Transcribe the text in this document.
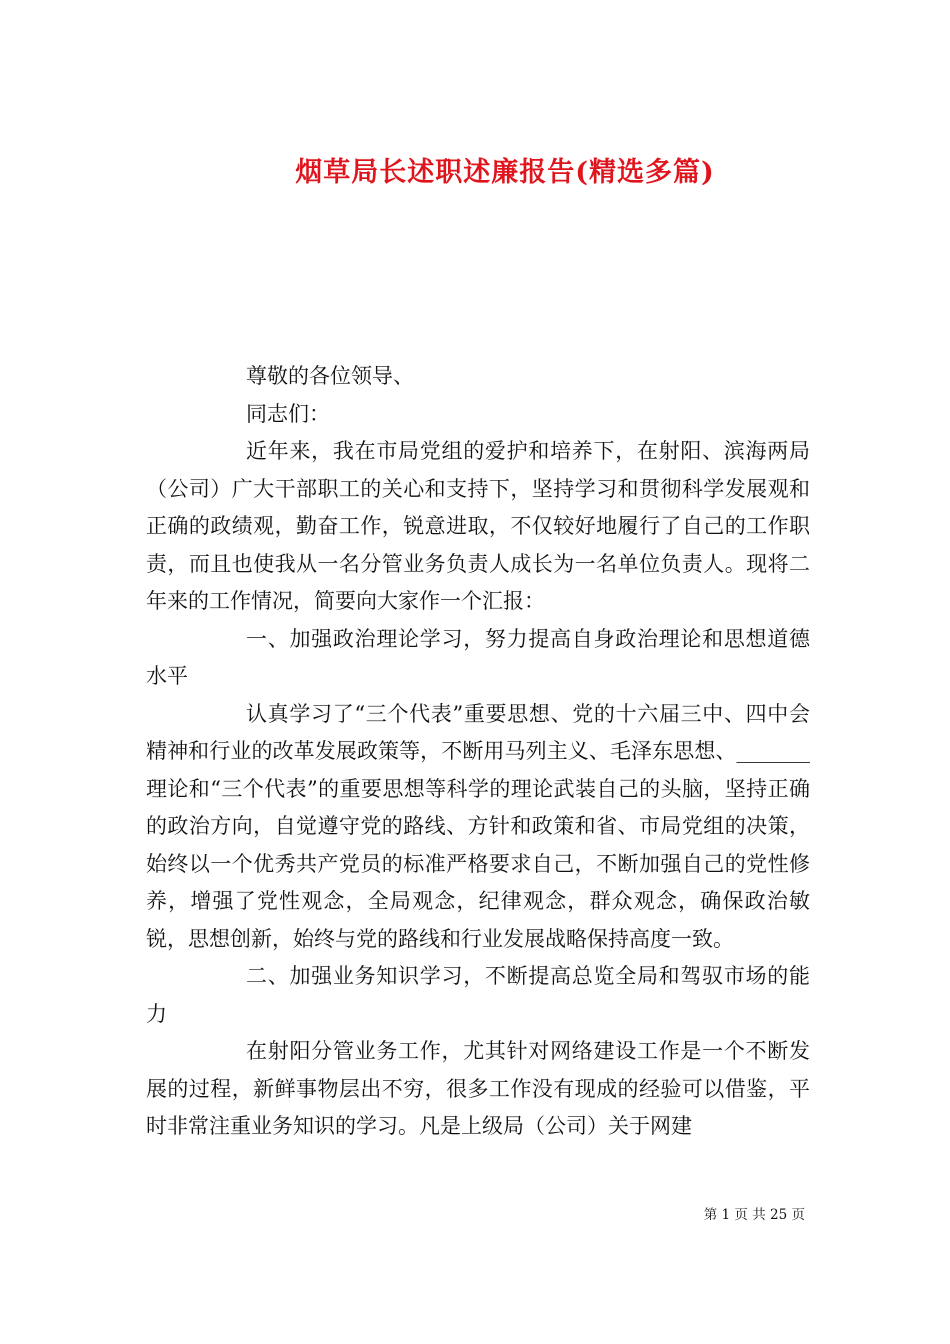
烟草局长述职述廉报告(精选多篇)

尊敬的各位领导、

同志们：

近年来，我在市局党组的爱护和培养下，在射阳、滨海两局（公司）广大干部职工的关心和支持下，坚持学习和贯彻科学发展观和正确的政绩观，勤奋工作，锐意进取，不仅较好地履行了自己的工作职责，而且也使我从一名分管业务负责人成长为一名单位负责人。现将二年来的工作情况，简要向大家作一个汇报：

一、加强政治理论学习，努力提高自身政治理论和思想道德水平

认真学习了“三个代表”重要思想、党的十六届三中、四中会精神和行业的改革发展政策等，不断用马列主义、毛泽东思想、_______理论和“三个代表”的重要思想等科学的理论武装自己的头脑，坚持正确的政治方向，自觉遵守党的路线、方针和政策和省、市局党组的决策，始终以一个优秀共产党员的标准严格要求自己，不断加强自己的党性修养，增强了党性观念，全局观念，纪律观念，群众观念，确保政治敏锐，思想创新，始终与党的路线和行业发展战略保持高度一致。

二、加强业务知识学习，不断提高总览全局和驾驭市场的能力

在射阳分管业务工作，尤其针对网络建设工作是一个不断发展的过程，新鲜事物层出不穷，很多工作没有现成的经验可以借鉴，平时非常注重业务知识的学习。凡是上级局（公司）关于网建

第 1 页 共 25 页
